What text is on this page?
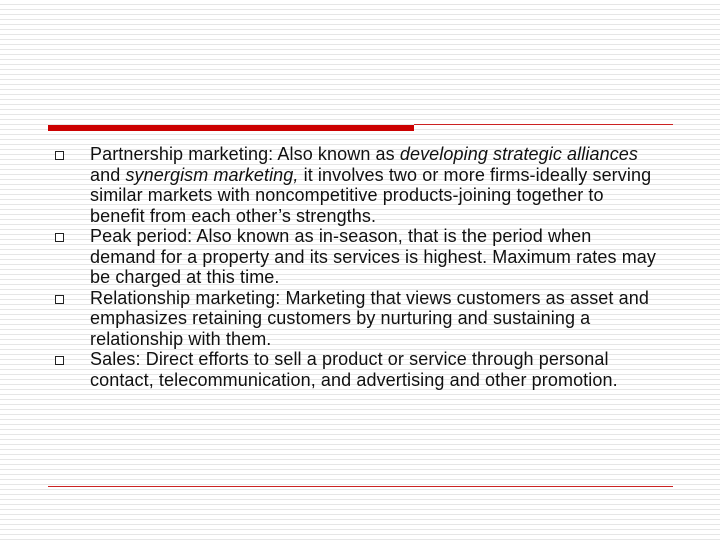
Partnership marketing: Also known as developing strategic alliances and synergism marketing, it involves two or more firms-ideally serving similar markets with noncompetitive products-joining together to benefit from each other’s strengths.
Peak period: Also known as in-season, that is the period when demand for a property and its services is highest. Maximum rates may be charged at this time.
Relationship marketing: Marketing that views customers as asset and emphasizes retaining customers by nurturing and sustaining a relationship with them.
Sales: Direct efforts to sell a product or service through personal contact, telecommunication, and advertising and other promotion.
